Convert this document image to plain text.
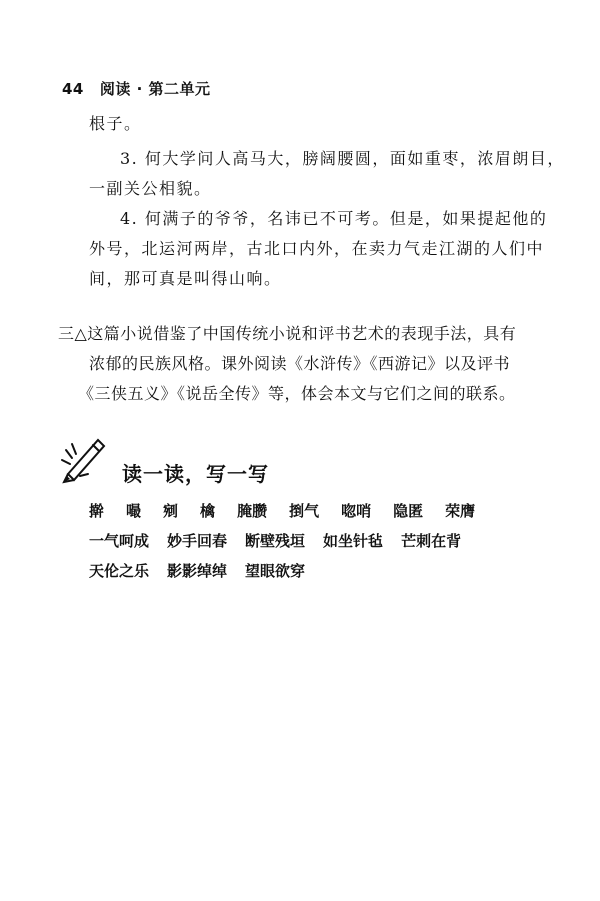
44 阅读 · 第二单元
根子。
3. 何大学问人高马大，膀阔腰圆，面如重枣，浓眉朗目，
一副关公相貌。
4. 何满子的爷爷，名讳已不可考。但是，如果提起他的
外号，北运河两岸，古北口内外，在卖力气走江湖的人们中
间，那可真是叫得山响。
三△这篇小说借鉴了中国传统小说和评书艺术的表现手法，具有
浓郁的民族风格。课外阅读《水浒传》《西游记》以及评书
《三侠五义》《说岳全传》等，体会本文与它们之间的联系。
读一读，写一写
擀 嘬 剜 檎 腌臜 捯气 唿哨 隐匿 荣膺
一气呵成 妙手回春 断壁残垣 如坐针毡 芒刺在背
天伦之乐 影影绰绰 望眼欲穿
